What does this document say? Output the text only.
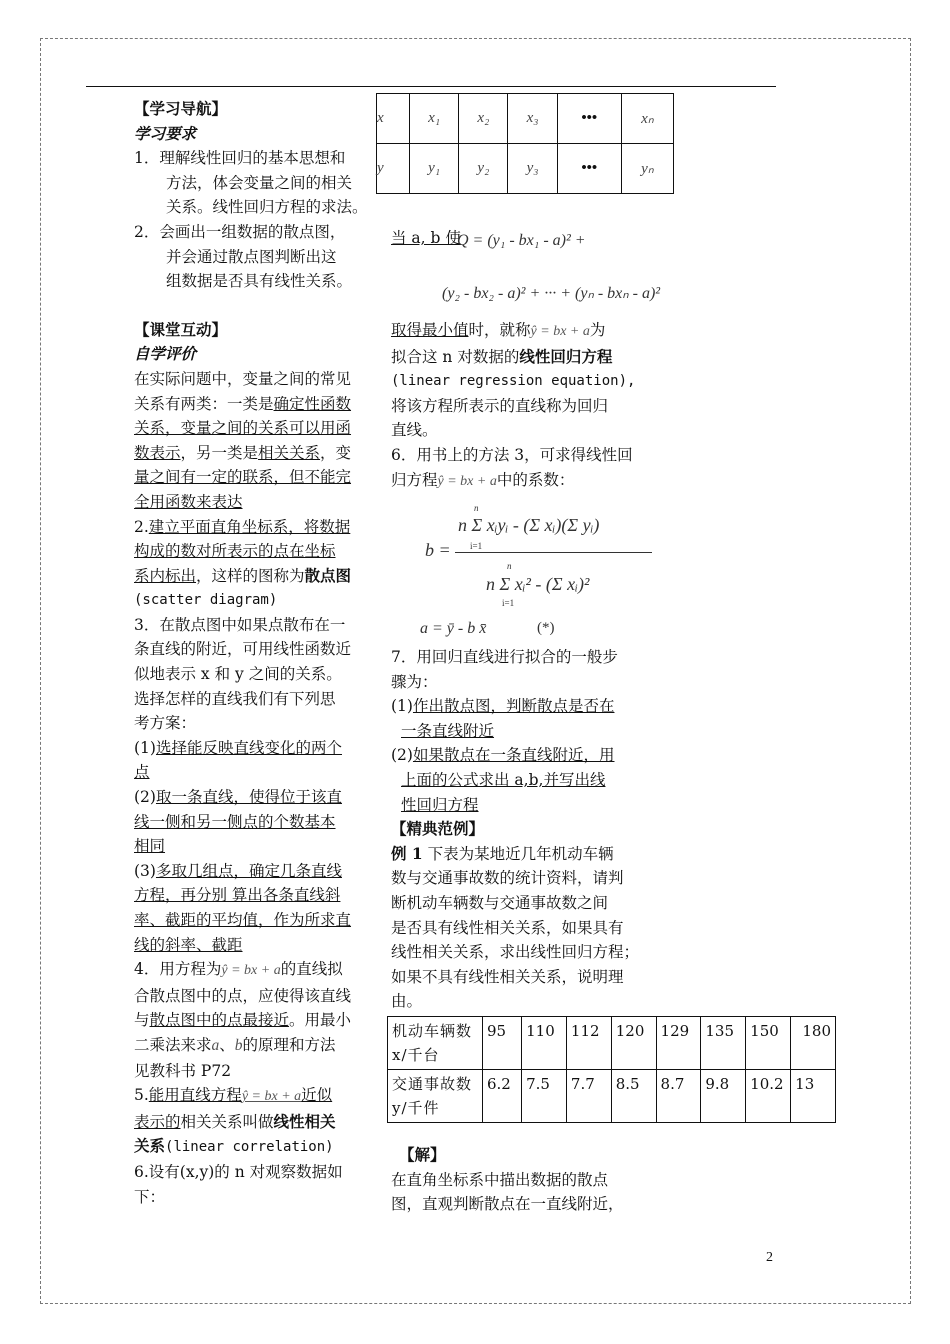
【学习导航】
学习要求
1．理解线性回归的基本思想和
方法，体会变量之间的相关
关系。线性回归方程的求法。
2．会画出一组数据的散点图，
并会通过散点图判断出这
组数据是否具有线性关系。
【课堂互动】
自学评价
在实际问题中，变量之间的常见
关系有两类：一类是确定性函数
关系，变量之间的关系可以用函
数表示，另一类是相关关系，变
量之间有一定的联系，但不能完
全用函数来表达
2.建立平面直角坐标系，将数据
构成的数对所表示的点在坐标
系内标出，这样的图称为散点图
(scatter diagram)
3．在散点图中如果点散布在一
条直线的附近，可用线性函数近
似地表示 x 和 y 之间的关系。
选择怎样的直线我们有下列思
考方案：
(1)选择能反映直线变化的两个
点
(2)取一条直线，使得位于该直
线一侧和另一侧点的个数基本
相同
(3)多取几组点，确定几条直线
方程，再分别 算出各条直线斜
率、截距的平均值，作为所求直
线的斜率、截距
4．用方程为ŷ = bx + a的直线拟
合散点图中的点，应使得该直线
与散点图中的点最接近。用最小
二乘法来求a、b的原理和方法
见教科书 P72
5.能用直线方程ŷ = bx + a近似
表示的相关关系叫做线性相关
关系(linear correlation)
6.设有(x,y)的 n 对观察数据如
下：
x	x₁	x₂	x₃	•••	xₙ
y	y₁	y₂	y₃	•••	yₙ
当 a, b 使
Q = (y₁ - bx₁ - a)² +
(y₂ - bx₂ - a)² + ··· + (yₙ - bxₙ - a)²
取得最小值时，就称ŷ = bx + a为
拟合这 n 对数据的线性回归方程
(linear regression equation),
将该方程所表示的直线称为回归
直线。
6．用书上的方法 3，可求得线性回
归方程ŷ = bx + a中的系数：
b =
n Σ xᵢyᵢ - (Σ xᵢ)(Σ yᵢ)
n Σ xᵢ² - (Σ xᵢ)²
n
i=1
n
i=1
a = ȳ - b x̄	(*)
7．用回归直线进行拟合的一般步
骤为：
(1)作出散点图，判断散点是否在
一条直线附近
(2)如果散点在一条直线附近，用
上面的公式求出 a,b,并写出线
性回归方程
【精典范例】
例 1 下表为某地近几年机动车辆
数与交通事故数的统计资料，请判
断机动车辆数与交通事故数之间
是否具有线性相关关系，如果具有
线性相关关系，求出线性回归方程；
如果不具有线性相关关系，说明理
由。
机动车辆数x/千台	95	110	112	120	129	135	150	180
交通事故数y/千件	6.2	7.5	7.7	8.5	8.7	9.8	10.2	13
【解】
在直角坐标系中描出数据的散点
图，直观判断散点在一直线附近，
2
